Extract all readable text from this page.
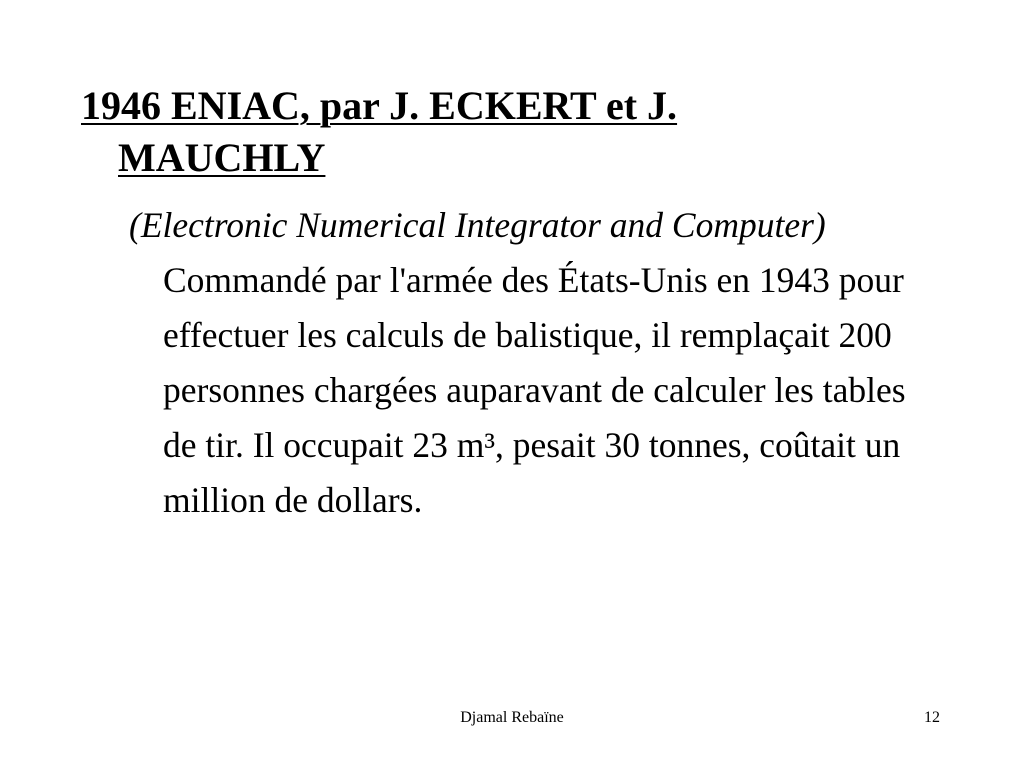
1946 ENIAC, par J. ECKERT et J. MAUCHLY
(Electronic Numerical Integrator and Computer)
Commandé par l'armée des États-Unis en 1943 pour effectuer les calculs de balistique, il remplaçait 200 personnes chargées auparavant de calculer les tables de tir. Il occupait 23 m³, pesait 30 tonnes, coûtait un million de dollars.
Djamal Rebaïne	12
